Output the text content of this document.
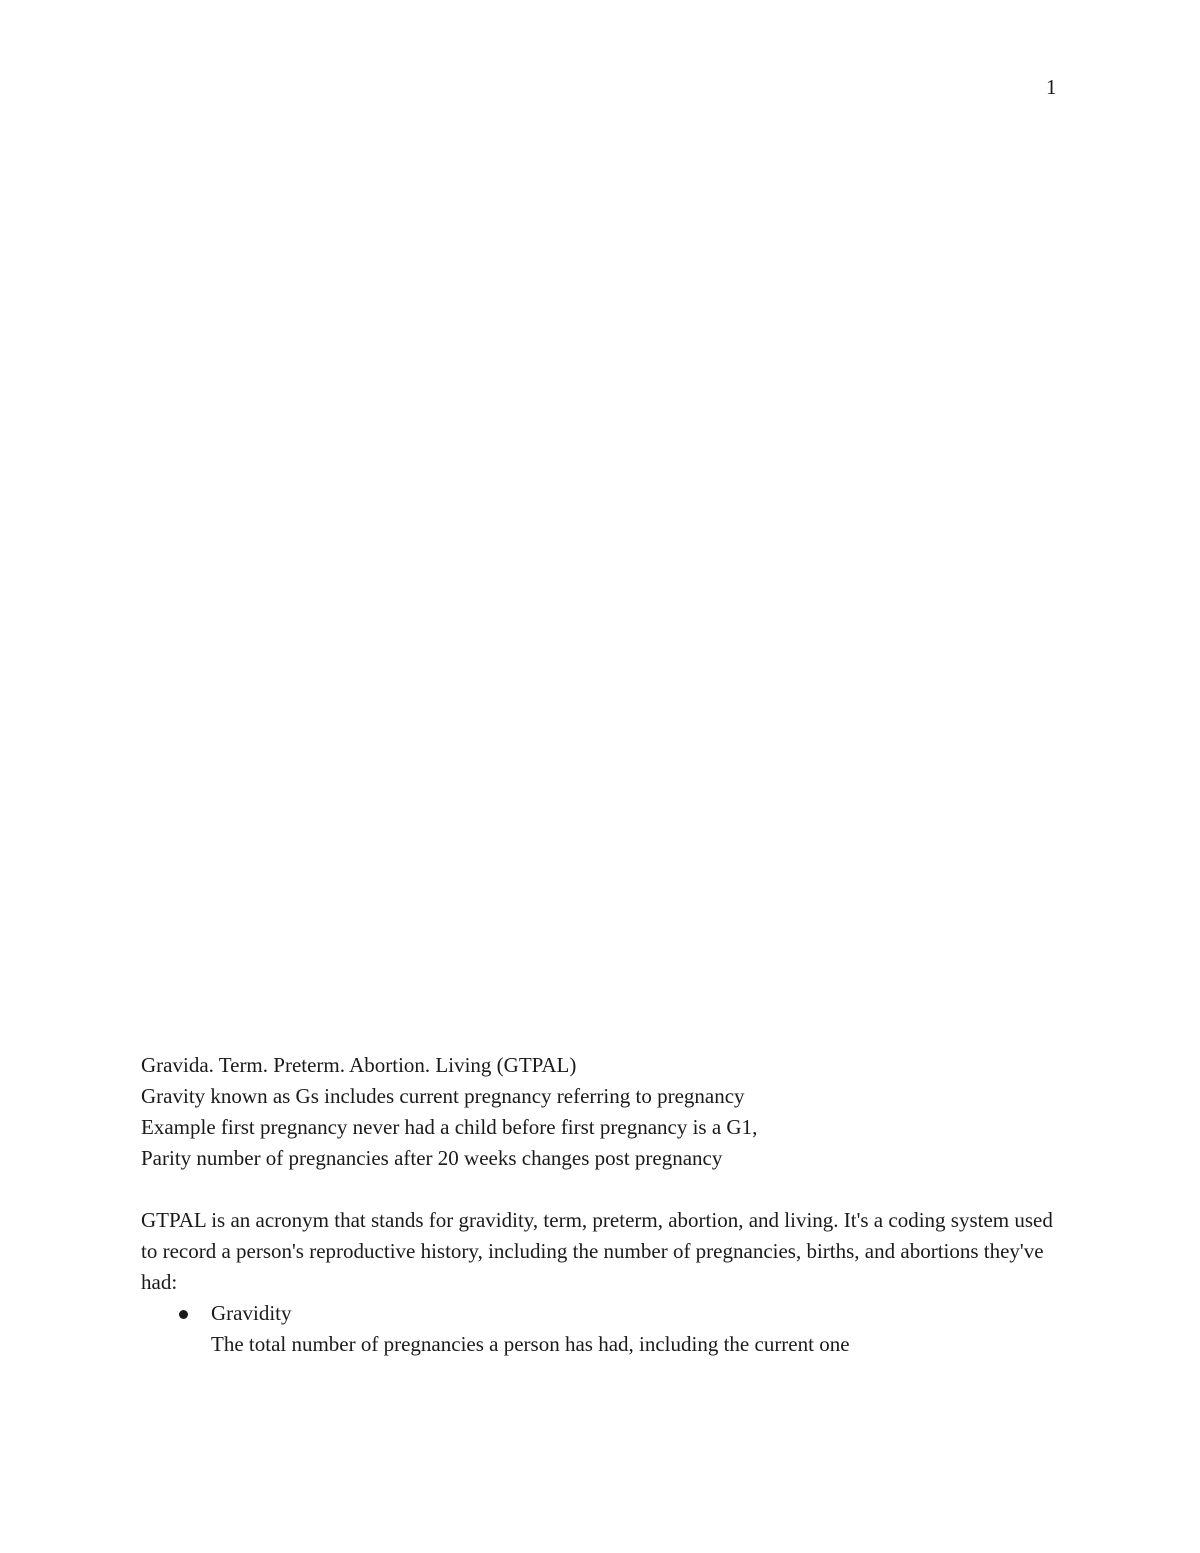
1
Gravida. Term. Preterm. Abortion. Living (GTPAL)
Gravity known as Gs includes current pregnancy referring to pregnancy
Example first pregnancy never had a child before first pregnancy is a G1,
Parity number of pregnancies after 20 weeks changes post pregnancy
GTPAL is an acronym that stands for gravidity, term, preterm, abortion, and living. It's a coding system used to record a person's reproductive history, including the number of pregnancies, births, and abortions they've had:
Gravidity
The total number of pregnancies a person has had, including the current one
